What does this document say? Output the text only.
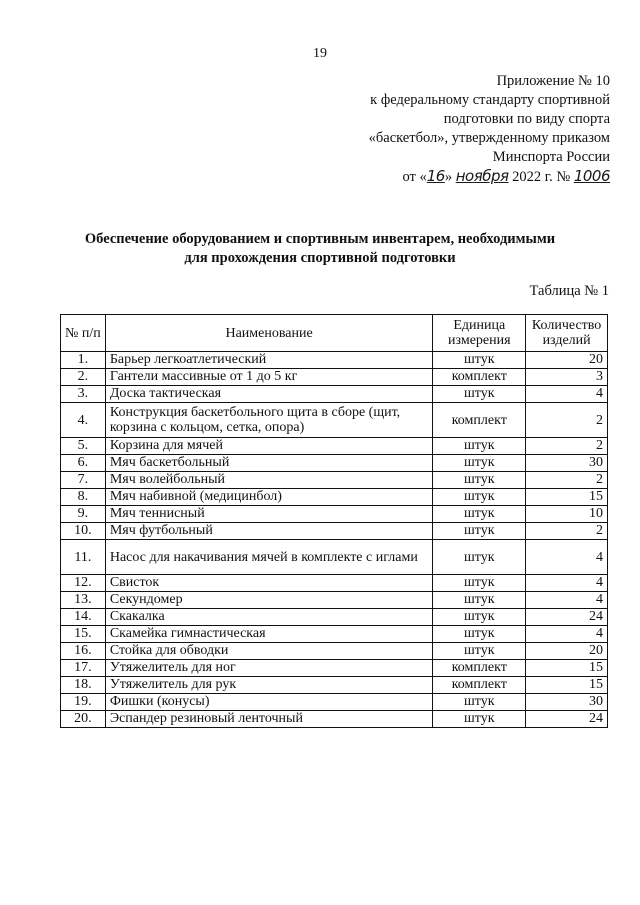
19
Приложение № 10
к федеральному стандарту спортивной
подготовки по виду спорта
«баскетбол», утвержденному приказом
Минспорта России
от «16» ноября 2022 г. № 1006
Обеспечение оборудованием и спортивным инвентарем, необходимыми
для прохождения спортивной подготовки
Таблица № 1
№ п/п	Наименование	Единица измерения	Количество изделий
1.	Барьер легкоатлетический	штук	20
2.	Гантели массивные от 1 до 5 кг	комплект	3
3.	Доска тактическая	штук	4
4.	Конструкция баскетбольного щита в сборе (щит, корзина с кольцом, сетка, опора)	комплект	2
5.	Корзина для мячей	штук	2
6.	Мяч баскетбольный	штук	30
7.	Мяч волейбольный	штук	2
8.	Мяч набивной (медицинбол)	штук	15
9.	Мяч теннисный	штук	10
10.	Мяч футбольный	штук	2
11.	Насос для накачивания мячей в комплекте с иглами	штук	4
12.	Свисток	штук	4
13.	Секундомер	штук	4
14.	Скакалка	штук	24
15.	Скамейка гимнастическая	штук	4
16.	Стойка для обводки	штук	20
17.	Утяжелитель для ног	комплект	15
18.	Утяжелитель для рук	комплект	15
19.	Фишки (конусы)	штук	30
20.	Эспандер резиновый ленточный	штук	24
